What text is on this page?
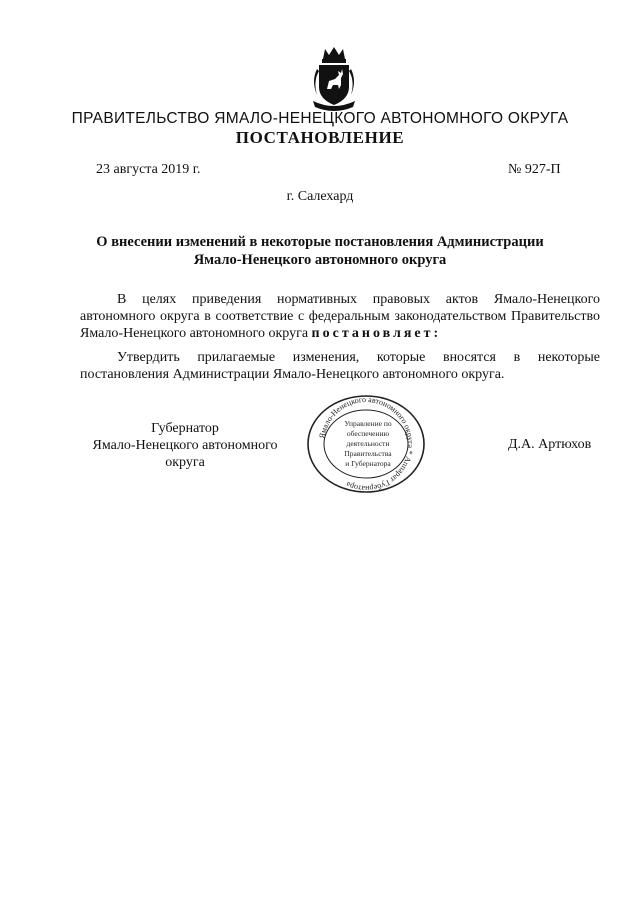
ПРАВИТЕЛЬСТВО ЯМАЛО-НЕНЕЦКОГО АВТОНОМНОГО ОКРУГА
ПОСТАНОВЛЕНИЕ
23 августа 2019 г.	№ 927-П
г. Салехард
О внесении изменений в некоторые постановления Администрации Ямало-Ненецкого автономного округа
В целях приведения нормативных правовых актов Ямало-Ненецкого автономного округа в соответствие с федеральным законодательством Правительство Ямало-Ненецкого автономного округа постановляет:
Утвердить прилагаемые изменения, которые вносятся в некоторые постановления Администрации Ямало-Ненецкого автономного округа.
Губернатор
Ямало-Ненецкого автономного округа
Д.А. Артюхов
Ямало-Ненецкого автономного округа * Аппарат Губернатора
Управление по
обеспечению
деятельности
Правительства
и Губернатора
